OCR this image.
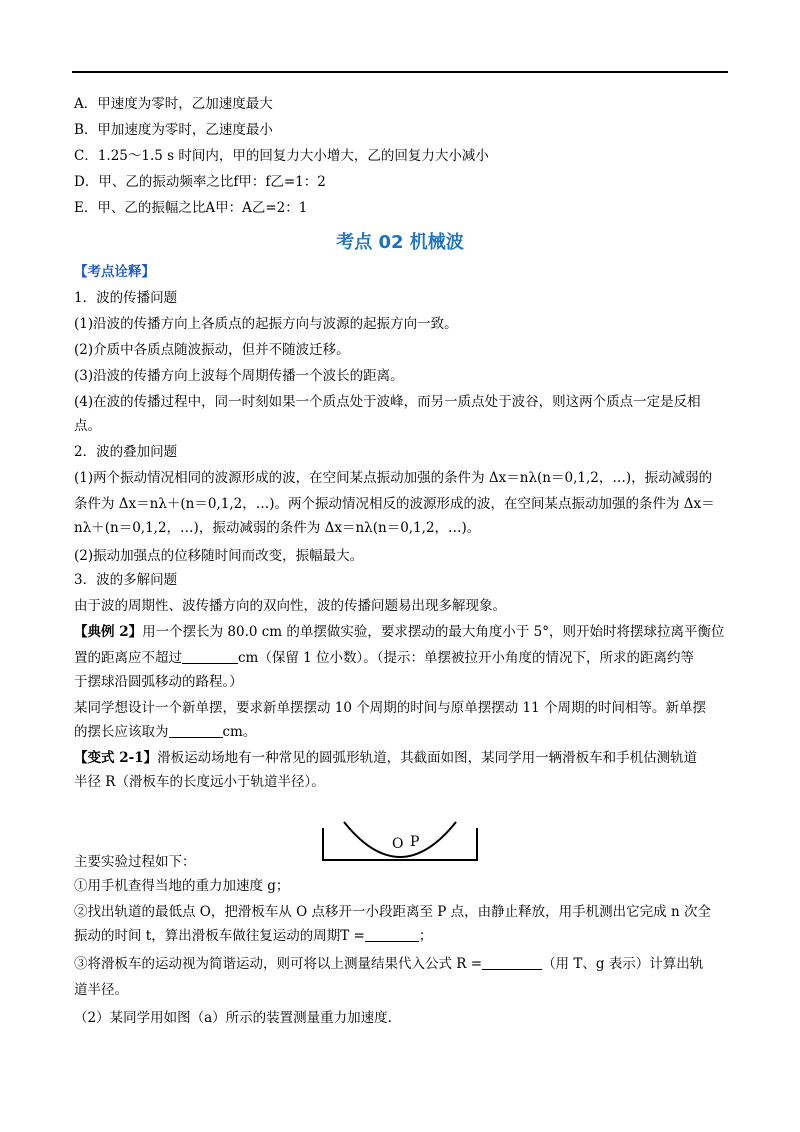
A．甲速度为零时，乙加速度最大
B．甲加速度为零时，乙速度最小
C．1.25～1.5 s 时间内，甲的回复力大小增大，乙的回复力大小减小
D．甲、乙的振动频率之比f甲：f乙=1：2
E．甲、乙的振幅之比A甲：A乙=2：1
考点 02 机械波
【考点诠释】
1．波的传播问题
(1)沿波的传播方向上各质点的起振方向与波源的起振方向一致。
(2)介质中各质点随波振动，但并不随波迁移。
(3)沿波的传播方向上波每个周期传播一个波长的距离。
(4)在波的传播过程中，同一时刻如果一个质点处于波峰，而另一质点处于波谷，则这两个质点一定是反相
点。
2．波的叠加问题
(1)两个振动情况相同的波源形成的波，在空间某点振动加强的条件为 Δx＝nλ(n＝0,1,2，…)，振动减弱的
条件为 Δx＝nλ＋(n＝0,1,2，…)。两个振动情况相反的波源形成的波，在空间某点振动加强的条件为 Δx＝
nλ＋(n＝0,1,2，…)，振动减弱的条件为 Δx＝nλ(n＝0,1,2，…)。
(2)振动加强点的位移随时间而改变，振幅最大。
3．波的多解问题
由于波的周期性、波传播方向的双向性，波的传播问题易出现多解现象。
【典例 2】用一个摆长为 80.0 cm 的单摆做实验，要求摆动的最大角度小于 5°，则开始时将摆球拉离平衡位
置的距离应不超过	cm（保留 1 位小数）。（提示：单摆被拉开小角度的情况下，所求的距离约等
于摆球沿圆弧移动的路程。）
某同学想设计一个新单摆，要求新单摆摆动 10 个周期的时间与原单摆摆动 11 个周期的时间相等。新单摆
的摆长应该取为	cm。
【变式 2-1】滑板运动场地有一种常见的圆弧形轨道，其截面如图，某同学用一辆滑板车和手机估测轨道
半径 R（滑板车的长度远小于轨道半径）。
O P
主要实验过程如下：
①用手机查得当地的重力加速度 g；
②找出轨道的最低点 O，把滑板车从 O 点移开一小段距离至 P 点，由静止释放，用手机测出它完成 n 次全
振动的时间 t，算出滑板车做往复运动的周期T =	；
③将滑板车的运动视为简谐运动，则可将以上测量结果代入公式 R =	（用 T、g 表示）计算出轨
道半径。
（2）某同学用如图（a）所示的装置测量重力加速度.
